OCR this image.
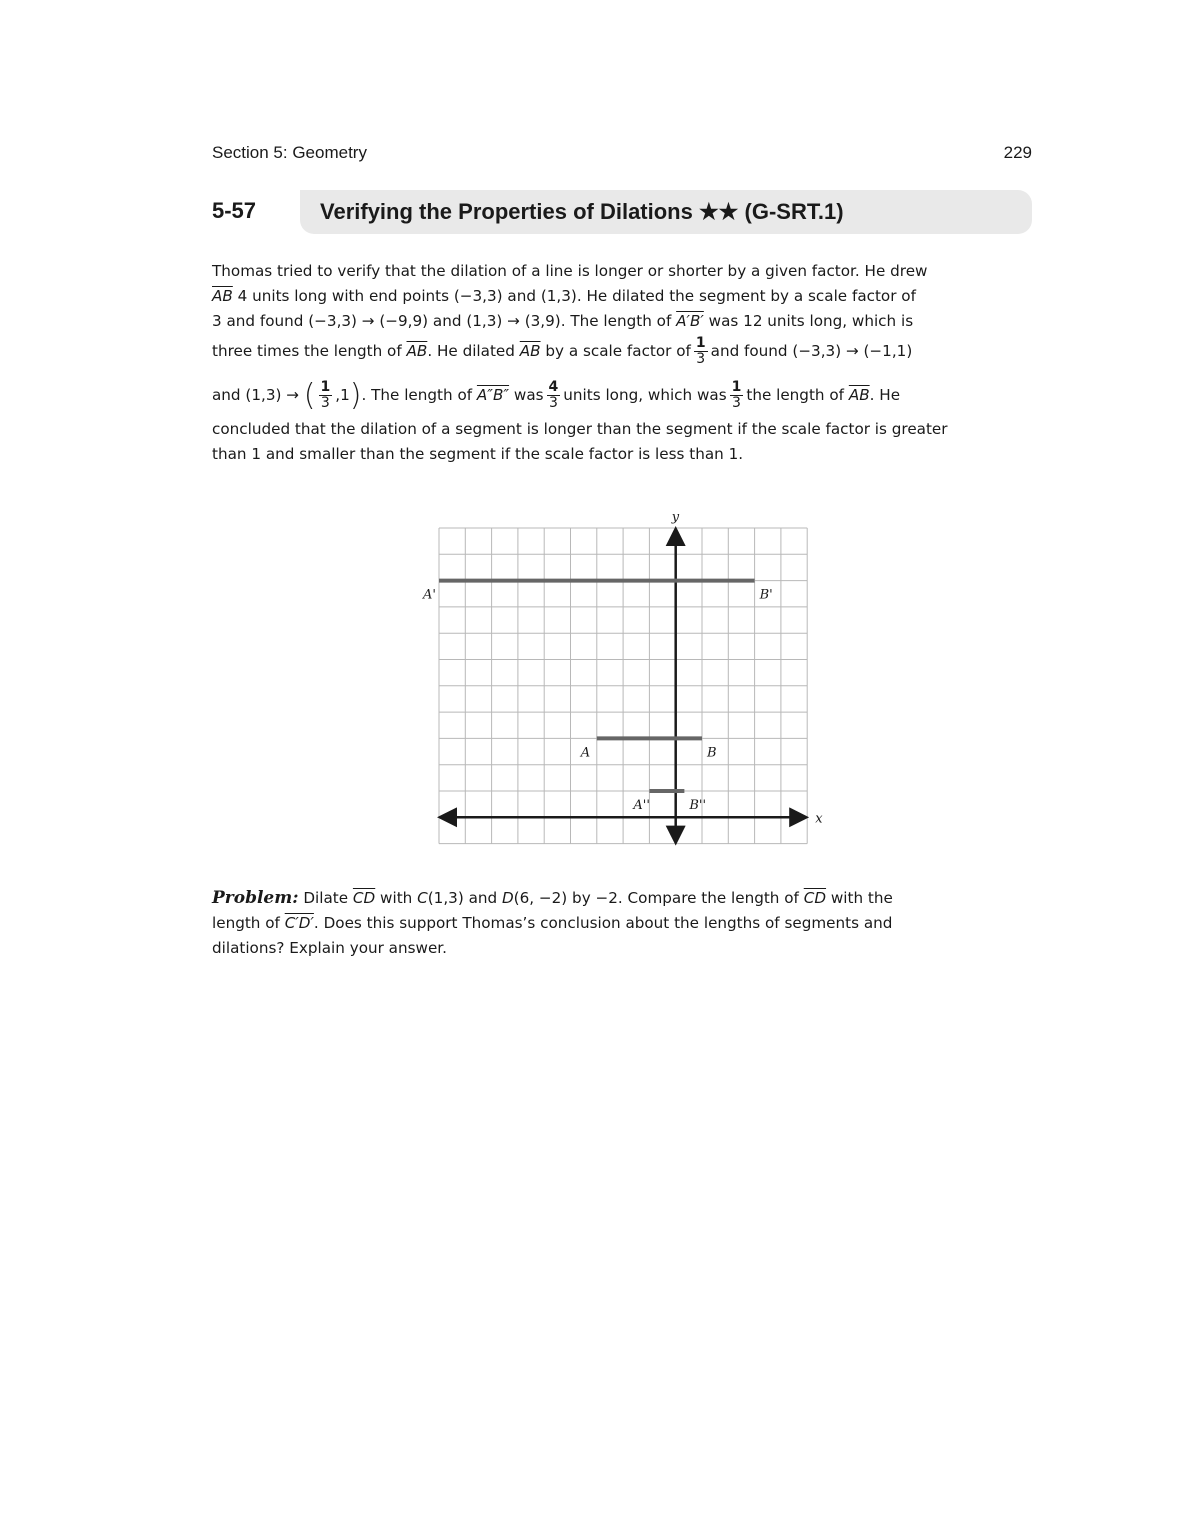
Section 5: Geometry	229
5-57	Verifying the Properties of Dilations ★★ (G-SRT.1)
Thomas tried to verify that the dilation of a line is longer or shorter by a given factor. He drew
$\overline{AB}$ 4 units long with end points (−3,3) and (1,3). He dilated the segment by a scale factor of
3 and found (−3,3) → (−9,9) and (1,3) → (3,9). The length of A′B′ was 12 units long, which is
three times the length of $\overline{AB}$. He dilated $\overline{AB}$ by a scale factor of $\frac{1}{3}$ and found (−3,3) → (−1,1)
and (1,3) → ( $\frac{1}{3} ,1$). The length of A″B″ was $\frac{4}{3}$ units long, which was $\frac{1}{3}$ the length of $\overline{AB}$. He
concluded that the dilation of a segment is longer than the segment if the scale factor is greater
than 1 and smaller than the segment if the scale factor is less than 1.
x
y
A'	B'
A	B
A''	B''
Problem: Dilate $\overline{CD}$ with C(1,3) and D(6, −2) by −2. Compare the length of $\overline{CD}$ with the
length of C′D′. Does this support Thomas’s conclusion about the lengths of segments and
dilations? Explain your answer.
